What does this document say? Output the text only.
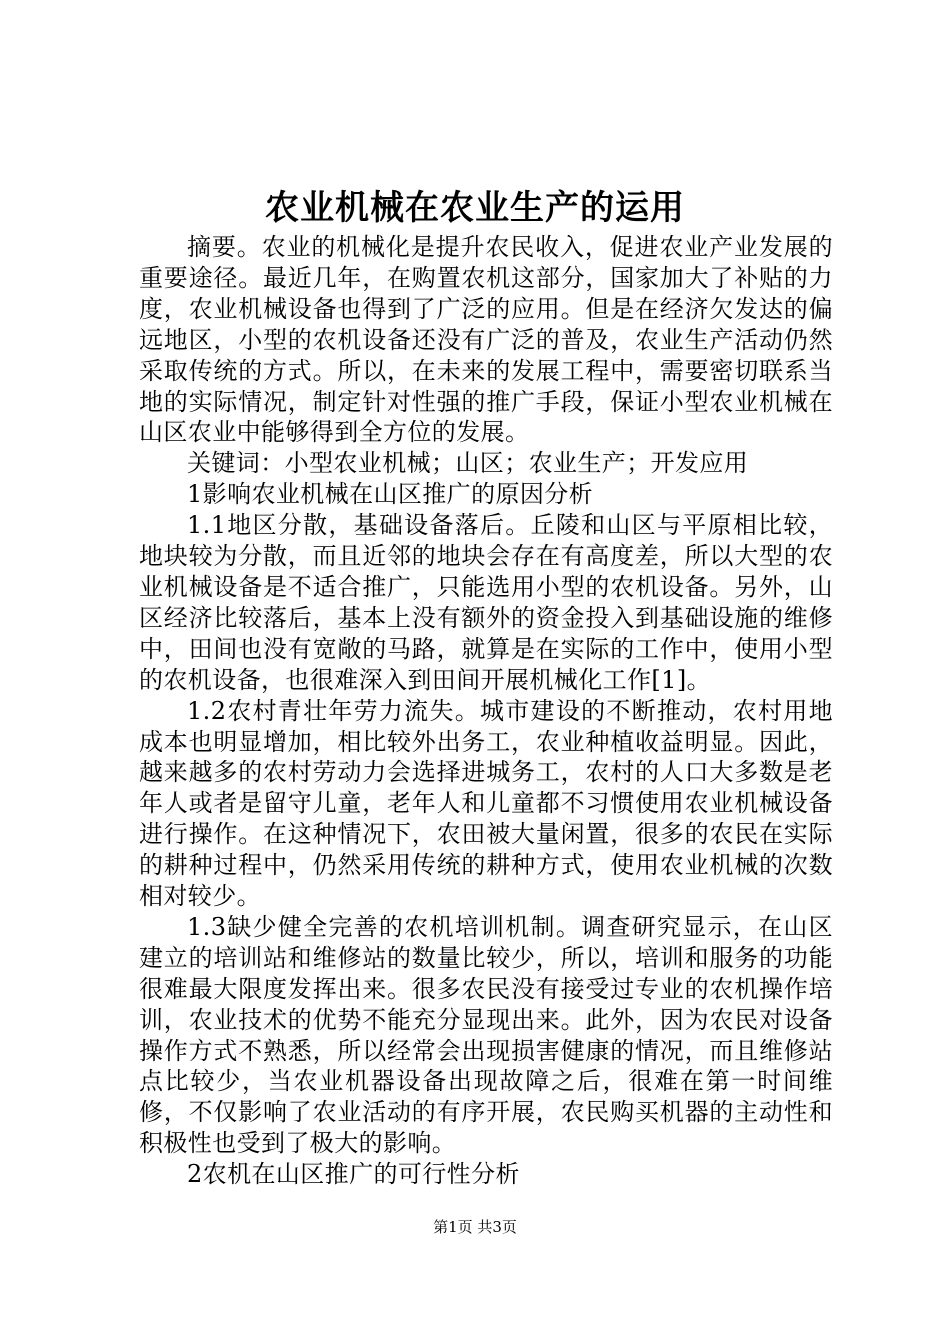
农业机械在农业生产的运用

摘要。农业的机械化是提升农民收入，促进农业产业发展的重要途径。最近几年，在购置农机这部分，国家加大了补贴的力度，农业机械设备也得到了广泛的应用。但是在经济欠发达的偏远地区，小型的农机设备还没有广泛的普及，农业生产活动仍然采取传统的方式。所以，在未来的发展工程中，需要密切联系当地的实际情况，制定针对性强的推广手段，保证小型农业机械在山区农业中能够得到全方位的发展。

关键词：小型农业机械；山区；农业生产；开发应用

1影响农业机械在山区推广的原因分析

1.1地区分散，基础设备落后。丘陵和山区与平原相比较，地块较为分散，而且近邻的地块会存在有高度差，所以大型的农业机械设备是不适合推广，只能选用小型的农机设备。另外，山区经济比较落后，基本上没有额外的资金投入到基础设施的维修中，田间也没有宽敞的马路，就算是在实际的工作中，使用小型的农机设备，也很难深入到田间开展机械化工作[1]。

1.2农村青壮年劳力流失。城市建设的不断推动，农村用地成本也明显增加，相比较外出务工，农业种植收益明显。因此，越来越多的农村劳动力会选择进城务工，农村的人口大多数是老年人或者是留守儿童，老年人和儿童都不习惯使用农业机械设备进行操作。在这种情况下，农田被大量闲置，很多的农民在实际的耕种过程中，仍然采用传统的耕种方式，使用农业机械的次数相对较少。

1.3缺少健全完善的农机培训机制。调查研究显示，在山区建立的培训站和维修站的数量比较少，所以，培训和服务的功能很难最大限度发挥出来。很多农民没有接受过专业的农机操作培训，农业技术的优势不能充分显现出来。此外，因为农民对设备操作方式不熟悉，所以经常会出现损害健康的情况，而且维修站点比较少，当农业机器设备出现故障之后，很难在第一时间维修，不仅影响了农业活动的有序开展，农民购买机器的主动性和积极性也受到了极大的影响。

2农机在山区推广的可行性分析

第1页 共3页
